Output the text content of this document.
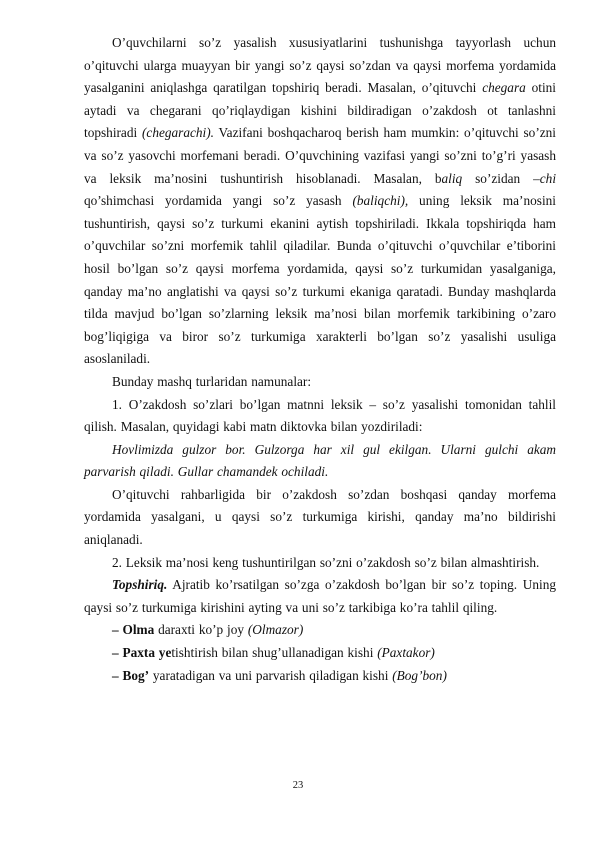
O’quvchilarni so’z yasalish xususiyatlarini tushunishga tayyorlash uchun o’qituvchi ularga muayyan bir yangi so’z qaysi so’zdan va qaysi morfema yordamida yasalganini aniqlashga qaratilgan topshiriq beradi. Masalan, o’qituvchi chegara otini aytadi va chegarani qo’riqlaydigan kishini bildiradigan o’zakdosh ot tanlashni topshiradi (chegarachi). Vazifani boshqacharoq berish ham mumkin: o’qituvchi so’zni va so’z yasovchi morfemani beradi. O’quvchining vazifasi yangi so’zni to’g’ri yasash va leksik ma’nosini tushuntirish hisoblanadi. Masalan, baliq so’zidan –chi qo’shimchasi yordamida yangi so’z yasash (baliqchi), uning leksik ma’nosini tushuntirish, qaysi so’z turkumi ekanini aytish topshiriladi. Ikkala topshiriqda ham o’quvchilar so’zni morfemik tahlil qiladilar. Bunda o’qituvchi o’quvchilar e’tiborini hosil bo’lgan so’z qaysi morfema yordamida, qaysi so’z turkumidan yasalganiga, qanday ma’no anglatishi va qaysi so’z turkumi ekaniga qaratadi. Bunday mashqlarda tilda mavjud bo’lgan so’zlarning leksik ma’nosi bilan morfemik tarkibining o’zaro bog’liqigiga va biror so’z turkumiga xarakterli bo’lgan so’z yasalishi usuliga asoslaniladi.

Bunday mashq turlaridan namunalar:

1. O’zakdosh so’zlari bo’lgan matnni leksik – so’z yasalishi tomonidan tahlil qilish. Masalan, quyidagi kabi matn diktovka bilan yozdiriladi:

Hovlimizda gulzor bor. Gulzorga har xil gul ekilgan. Ularni gulchi akam parvarish qiladi. Gullar chamandek ochiladi.

O’qituvchi rahbarligida bir o’zakdosh so’zdan boshqasi qanday morfema yordamida yasalgani, u qaysi so’z turkumiga kirishi, qanday ma’no bildirishi aniqlanadi.

2. Leksik ma’nosi keng tushuntirilgan so’zni o’zakdosh so’z bilan almashtirish.

Topshiriq. Ajratib ko’rsatilgan so’zga o’zakdosh bo’lgan bir so’z toping. Uning qaysi so’z turkumiga kirishini ayting va uni so’z tarkibiga ko’ra tahlil qiling.

– Olma daraxti ko’p joy (Olmazor)

– Paxta yetishtirish bilan shug’ullanadigan kishi (Paxtakor)

– Bog’ yaratadigan va uni parvarish qiladigan kishi (Bog’bon)

23
